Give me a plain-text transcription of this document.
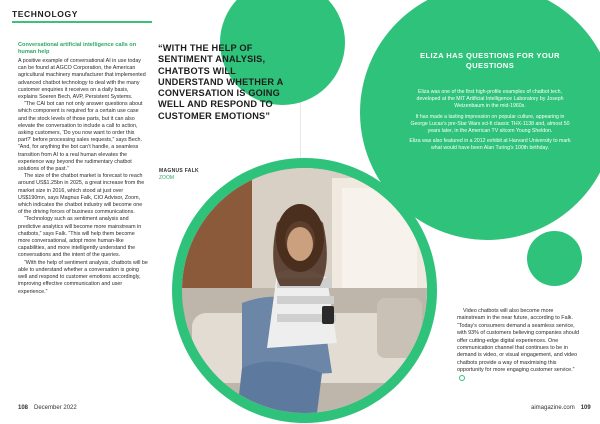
TECHNOLOGY
Conversational artificial intelligence calls on human help

A positive example of conversational AI in use today can be found at AGCO Corporation, the American agricultural machinery manufacturer that implemented advanced chatbot technology to deal with the many customer enquiries it receives on a daily basis, explains Soeren Bech, AVP, Persistent Systems.

“The CAI bot can not only answer questions about which component is required for a certain use case and the stock levels of those parts, but it can also elevate the conversation to include a call to action, asking customers, ‘Do you now want to order this part?’ before processing sales requests,” says Bech. “And, for anything the bot can’t handle, a seamless transition from AI to a real human elevates the experience way beyond the rudimentary chatbot solutions of the past.”

The size of the chatbot market is forecast to reach around US$1.25bn in 2025, a great increase from the market size in 2016, which stood at just over US$190mn, says Magnus Falk, CIO Advisor, Zoom, which indicates the chatbot industry will become one of the driving forces of business communications.

“Technology such as sentiment analysis and predictive analytics will become more mainstream in chatbots,” says Falk. “This will help them become more conversational, adopt more human-like capabilities, and more intelligently understand the conversations and the intent of the queries.

“With the help of sentiment analysis, chatbots will be able to understand whether a conversation is going well and respond to customer emotions accordingly, improving effective communication and user experience.”

“WITH THE HELP OF SENTIMENT ANALYSIS, CHATBOTS WILL UNDERSTAND WHETHER A CONVERSATION IS GOING WELL AND RESPOND TO CUSTOMER EMOTIONS”
MAGNUS FALK
ZOOM
ELIZA HAS QUESTIONS FOR YOUR QUESTIONS

Eliza was one of the first high-profile examples of chatbot tech, developed at the MIT Artificial Intelligence Laboratory by Joseph Weizenbaum in the mid-1960s.

It has made a lasting impression on popular culture, appearing in George Lucas’s pre-Star Wars sci-fi classic THX-1138 and, almost 50 years later, in the American TV sitcom Young Sheldon.

Eliza was also featured in a 2012 exhibit at Harvard University to mark what would have been Alan Turing’s 100th birthday.

Video chatbots will also become more mainstream in the near future, according to Falk. “Today’s consumers demand a seamless service, with 93% of customers believing companies should offer cutting-edge digital experiences. One communication channel that continues to be in demand is video, or visual engagement, and video chatbots provide a way of maximising this opportunity for more engaging customer service.”

108 December 2022	aimagazine.com 109
